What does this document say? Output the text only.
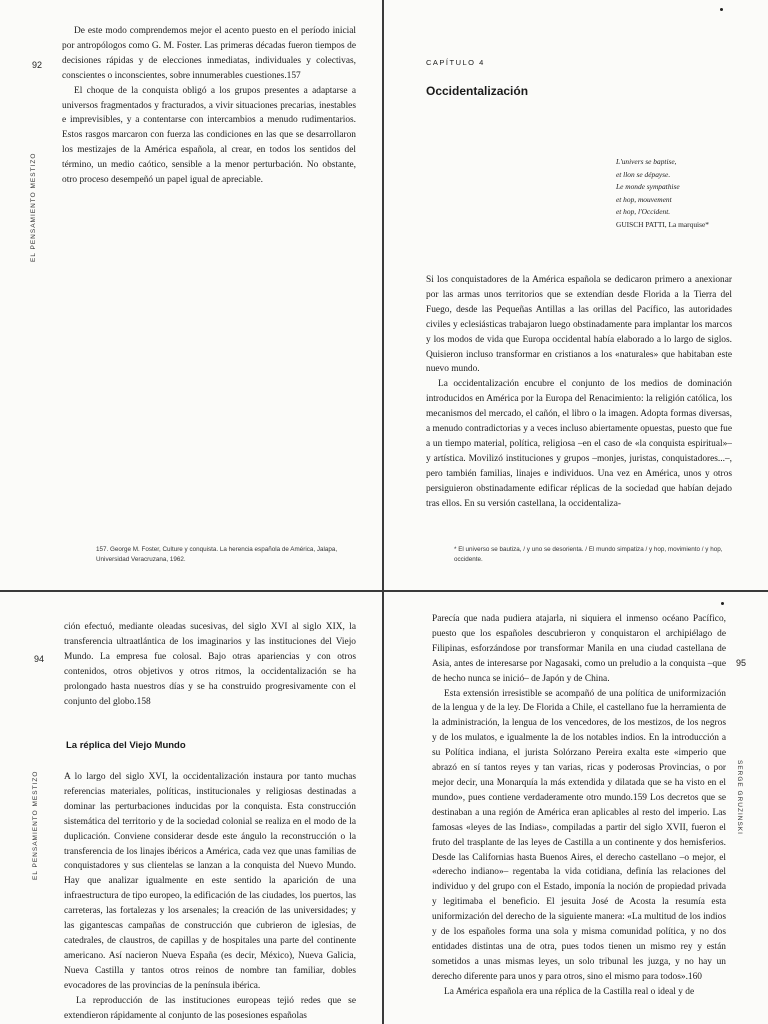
92
EL PENSAMIENTO MESTIZO

De este modo comprendemos mejor el acento puesto en el período inicial por antropólogos como G. M. Foster. Las primeras décadas fueron tiempos de decisiones rápidas y de elecciones inmediatas, individuales y colectivas, conscientes o inconscientes, sobre innumerables cuestiones.157

El choque de la conquista obligó a los grupos presentes a adaptarse a universos fragmentados y fracturados, a vivir situaciones precarias, inestables e imprevisibles, y a contentarse con intercambios a menudo rudimentarios. Estos rasgos marcaron con fuerza las condiciones en las que se desarrollaron los mestizajes de la América española, al crear, en todos los sentidos del término, un medio caótico, sensible a la menor perturbación. No obstante, otro proceso desempeñó un papel igual de apreciable.

157. George M. Foster, Culture y conquista. La herencia española de América, Jalapa, Universidad Veracruzana, 1962.
CAPÍTULO 4
Occidentalización
L'univers se baptise,
et llon se dépayse.
Le monde sympathise
et hop, mouvement
et hop, l'Occident.
GUISCH PATTI, La marquise*

Si los conquistadores de la América española se dedicaron primero a anexionar por las armas unos territorios que se extendían desde Florida a la Tierra del Fuego, desde las Pequeñas Antillas a las orillas del Pacífico, las autoridades civiles y eclesiásticas trabajaron luego obstinadamente para implantar los marcos y los modos de vida que Europa occidental había elaborado a lo largo de siglos. Quisieron incluso transformar en cristianos a los «naturales» que habitaban este nuevo mundo.

La occidentalización encubre el conjunto de los medios de dominación introducidos en América por la Europa del Renacimiento: la religión católica, los mecanismos del mercado, el cañón, el libro o la imagen. Adopta formas diversas, a menudo contradictorias y a veces incluso abiertamente opuestas, puesto que fue a un tiempo material, política, religiosa –en el caso de «la conquista espiritual»– y artística. Movilizó instituciones y grupos –monjes, juristas, conquistadores...–, pero también familias, linajes e individuos. Una vez en América, unos y otros persiguieron obstinadamente edificar réplicas de la sociedad que habían dejado tras ellos. En su versión castellana, la occidentaliza-

* El universo se bautiza, / y uno se desorienta. / El mundo simpatiza / y hop, movimiento / y hop, occidente.
94
EL PENSAMIENTO MESTIZO

ción efectuó, mediante oleadas sucesivas, del siglo XVI al siglo XIX, la transferencia ultraatlántica de los imaginarios y las instituciones del Viejo Mundo. La empresa fue colosal. Bajo otras apariencias y con otros contenidos, otros objetivos y otros ritmos, la occidentalización se ha prolongado hasta nuestros días y se ha construido progresivamente con el conjunto del globo.158

La réplica del Viejo Mundo

A lo largo del siglo XVI, la occidentalización instaura por tanto muchas referencias materiales, políticas, institucionales y religiosas destinadas a dominar las perturbaciones inducidas por la conquista. Esta construcción sistemática del territorio y de la sociedad colonial se realiza en el modo de la duplicación. Conviene considerar desde este ángulo la reconstrucción o la transferencia de los linajes ibéricos a América, cada vez que unas familias de conquistadores y sus clientelas se lanzan a la conquista del Nuevo Mundo. Hay que analizar igualmente en este sentido la aparición de una infraestructura de tipo europeo, la edificación de las ciudades, los puertos, las carreteras, las fortalezas y los arsenales; la creación de las universidades; y las gigantescas campañas de construcción que cubrieron de iglesias, de catedrales, de claustros, de capillas y de hospitales una parte del continente americano. Así nacieron Nueva España (es decir, México), Nueva Galicia, Nueva Castilla y tantos otros reinos de nombre tan familiar, dobles evocadores de las provincias de la península ibérica.

La reproducción de las instituciones europeas tejió redes que se extendieron rápidamente al conjunto de las posesiones españolas

95
SERGE GRUZINSKI

Parecía que nada pudiera atajarla, ni siquiera el inmenso océano Pacífico, puesto que los españoles descubrieron y conquistaron el archipiélago de Filipinas, esforzándose por transformar Manila en una ciudad castellana de Asia, antes de interesarse por Nagasaki, como un preludio a la conquista –que de hecho nunca se inició– de Japón y de China.

Esta extensión irresistible se acompañó de una política de uniformización de la lengua y de la ley. De Florida a Chile, el castellano fue la herramienta de la administración, la lengua de los vencedores, de los mestizos, de los negros y de los mulatos, e igualmente la de los notables indios. En la introducción a su Política indiana, el jurista Solórzano Pereira exalta este «imperio que abrazó en sí tantos reyes y tan varias, ricas y poderosas Provincias, o por mejor decir, una Monarquía la más extendida y dilatada que se ha visto en el mundo», pues contiene verdaderamente otro mundo.159 Los decretos que se destinaban a una región de América eran aplicables al resto del imperio. Las famosas «leyes de las Indias», compiladas a partir del siglo XVII, fueron el fruto del trasplante de las leyes de Castilla a un continente y dos hemisferios. Desde las Californias hasta Buenos Aires, el derecho castellano –o mejor, el «derecho indiano»– regentaba la vida cotidiana, definía las relaciones del individuo y del grupo con el Estado, imponía la noción de propiedad privada y legitimaba el beneficio. El jesuita José de Acosta la resumía esta uniformización del derecho de la siguiente manera: «La multitud de los indios y de los españoles forma una sola y misma comunidad política, y no dos entidades distintas una de otra, pues todos tienen un mismo rey y están sometidos a unas mismas leyes, un solo tribunal les juzga, y no hay un derecho diferente para unos y para otros, sino el mismo para todos».160

La América española era una réplica de la Castilla real o ideal y de
